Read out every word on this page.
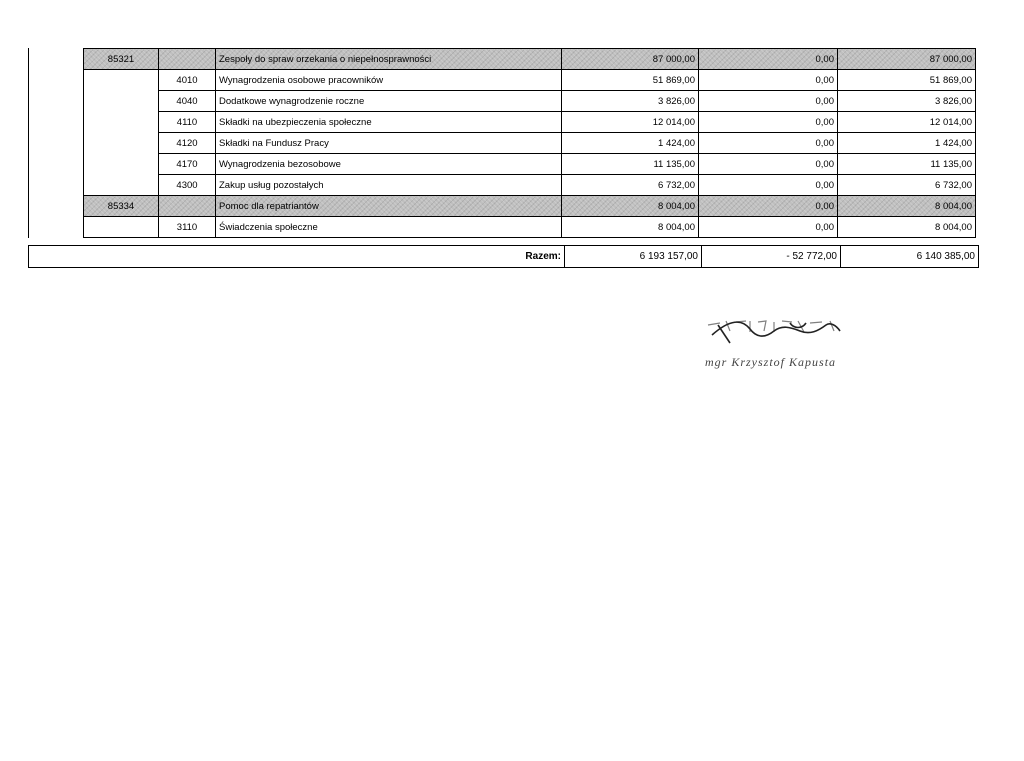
85321		Zespoły do spraw orzekania o niepełnosprawności	87 000,00	0,00	87 000,00
	4010	Wynagrodzenia osobowe pracowników	51 869,00	0,00	51 869,00
	4040	Dodatkowe wynagrodzenie roczne	3 826,00	0,00	3 826,00
	4110	Składki na ubezpieczenia społeczne	12 014,00	0,00	12 014,00
	4120	Składki na Fundusz Pracy	1 424,00	0,00	1 424,00
	4170	Wynagrodzenia bezosobowe	11 135,00	0,00	11 135,00
	4300	Zakup usług pozostałych	6 732,00	0,00	6 732,00
85334		Pomoc dla repatriantów	8 004,00	0,00	8 004,00
	3110	Świadczenia społeczne	8 004,00	0,00	8 004,00
Razem:	6 193 157,00	- 52 772,00	6 140 385,00
mgr Krzysztof Kapusta
